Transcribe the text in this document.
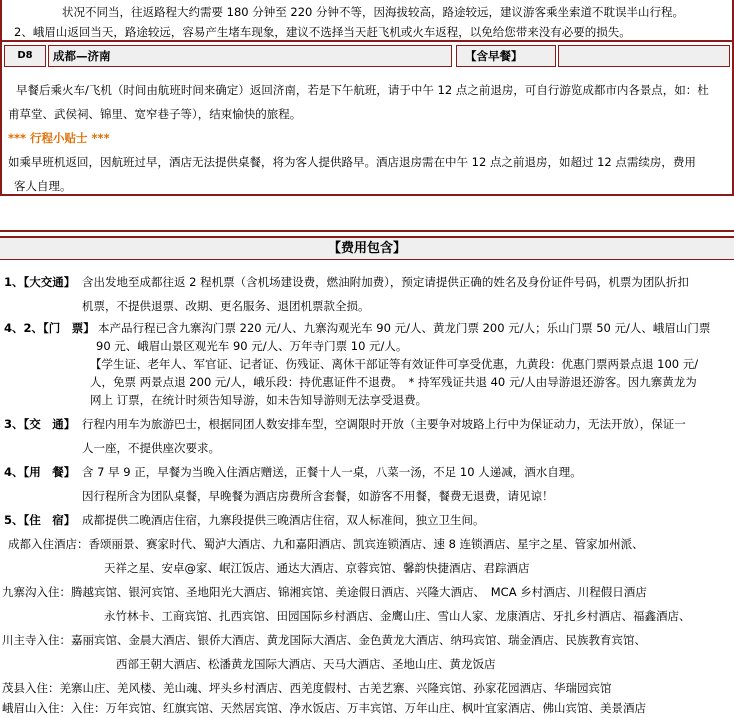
状况不同当，往返路程大约需要 180 分钟至 220 分钟不等，因海拔较高，路途较远，建议游客乘坐索道不耽误半山行程。
2、峨眉山返回当天，路途较远，容易产生堵车现象，建议不选择当天赶飞机或火车返程，以免给您带来没有必要的损失。
D8	成都—济南	【含早餐】
早餐后乘火车/飞机（时间由航班时间来确定）返回济南，若是下午航班，请于中午 12 点之前退房，可自行游览成都市内各景点，如：杜
甫草堂、武侯祠、锦里、宽窄巷子等），结束愉快的旅程。
*** 行程小贴士 ***
如乘早班机返回，因航班过早，酒店无法提供桌餐，将为客人提供路早。酒店退房需在中午 12 点之前退房，如超过 12 点需续房，费用
客人自理。
【费用包含】
1、【大交通】 含出发地至成都往返 2 程机票（含机场建设费，燃油附加费），预定请提供正确的姓名及身份证件号码，机票为团队折扣
机票，不提供退票、改期、更名服务、退团机票款全损。
4、2、【门　票】 本产品行程已含九寨沟门票 220 元/人、九寨沟观光车 90 元/人、黄龙门票 200 元/人；乐山门票 50 元/人、峨眉山门票
90 元、峨眉山景区观光车 90 元/人、万年寺门票 10 元/人。
【学生证、老年人、军官证、记者证、伤残证、离休干部证等有效证件可享受优惠，九黄段：优惠门票两景点退 100 元/
人，免票 两景点退 200 元/人，峨乐段：持优惠证件不退费。　* 持军残证共退 40 元/人由导游退还游客。因九寨黄龙为
网上 订票，在统计时须告知导游，如未告知导游则无法享受退费。
3、【交　通】 行程内用车为旅游巴士，根据同团人数安排车型，空调限时开放（主要争对坡路上行中为保证动力，无法开放），保证一
人一座，不提供座次要求。
4、【用　餐】 含 7 早 9 正，早餐为当晚入住酒店赠送，正餐十人一桌，八菜一汤，不足 10 人递减，酒水自理。
因行程所含为团队桌餐，早晚餐为酒店房费所含套餐，如游客不用餐，餐费无退费，请见谅！
5、【住　宿】 成都提供二晚酒店住宿，九寨段提供三晚酒店住宿，双人标准间，独立卫生间。
成都入住酒店：香颂丽景、赛家时代、蜀泸大酒店、九和嘉阳酒店、凯宾连锁酒店、速 8 连锁酒店、星宇之星、管家加州派、
天祥之星、安卓@家、岷江饭店、通达大酒店、京蓉宾馆、馨韵快捷酒店、君踪酒店
九寨沟入住：腾越宾馆、银河宾馆、圣地阳光大酒店、锦湘宾馆、美途假日酒店、兴隆大酒店、　MCA 乡村酒店、川程假日酒店
永竹林卡、工商宾馆、扎西宾馆、田园国际乡村酒店、金鹰山庄、雪山人家、龙康酒店、牙扎乡村酒店、福鑫酒店、
川主寺入住：嘉丽宾馆、金晨大酒店、银侨大酒店、黄龙国际大酒店、金色黄龙大酒店、纳玛宾馆、瑞金酒店、民族教育宾馆、
西部王朝大酒店、松潘黄龙国际大酒店、天马大酒店、圣地山庄、黄龙饭店
茂县入住：羌寨山庄、羌风楼、羌山魂、坪头乡村酒店、西羌度假村、古羌艺寨、兴隆宾馆、孙家花园酒店、华瑞园宾馆
峨眉山入住：入住：万年宾馆、红旗宾馆、天然居宾馆、净水饭店、万丰宾馆、万年山庄、枫叶宜家酒店、佛山宾馆、美景酒店
